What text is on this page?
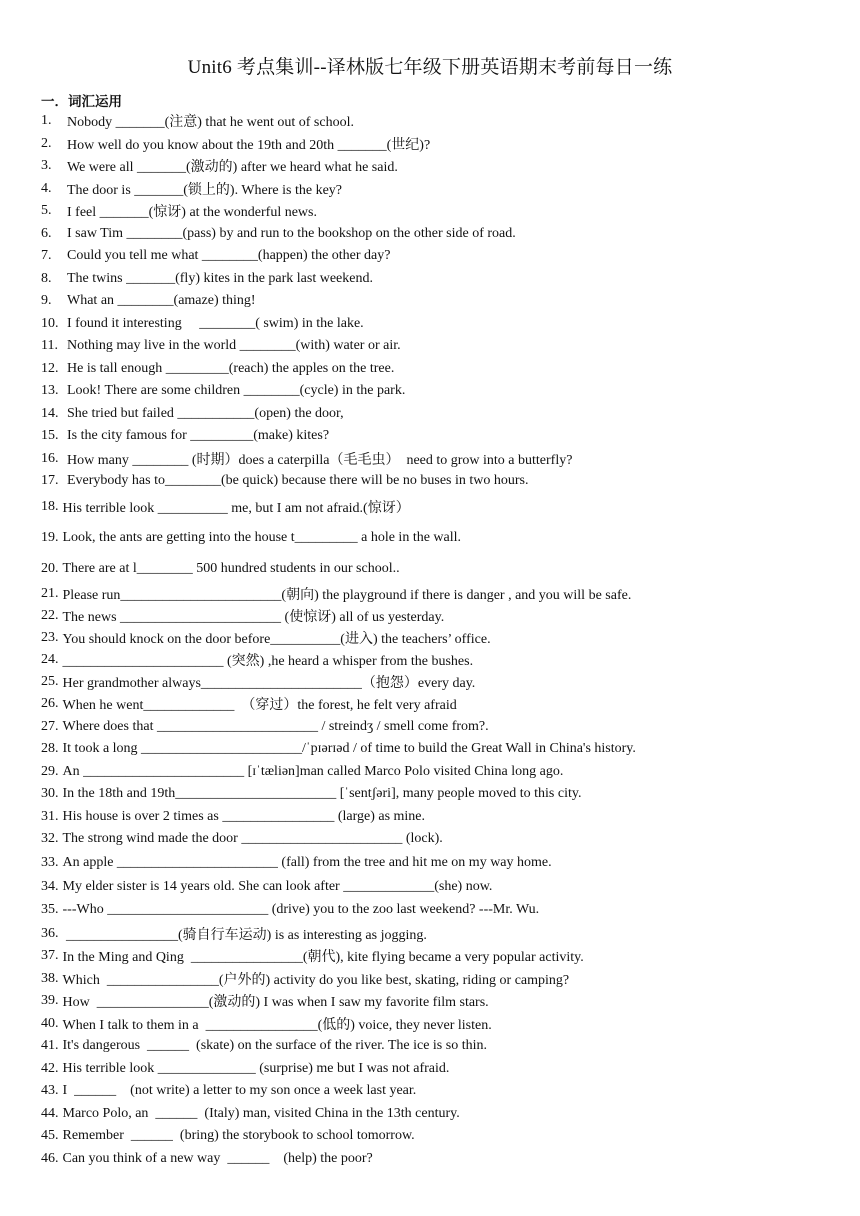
Unit6 考点集训--译林版七年级下册英语期末考前每日一练
一．词汇运用
1.	Nobody _______(注意) that he went out of school.
2.	How well do you know about the 19th and 20th _______(世纪)?
3.	We were all _______(激动的) after we heard what he said.
4.	The door is _______(锁上的). Where is the key?
5.	I feel _______(惊讶) at the wonderful news.
6.	I saw Tim ________(pass) by and run to the bookshop on the other side of road.
7.	Could you tell me what ________(happen) the other day?
8.	The twins _______(fly) kites in the park last weekend.
9.	What an ________(amaze) thing!
10. I found it interesting     ________( swim) in the lake.
11. Nothing may live in the world ________(with) water or air.
12. He is tall enough _________(reach) the apples on the tree.
13. Look! There are some children ________(cycle) in the park.
14. She tried but failed ___________(open) the door,
15. Is the city famous for _________(make) kites?
16. How many ________ (时期）does a caterpilla（毛毛虫）  need to grow into a butterfly?
17. Everybody has to________(be quick) because there will be no buses in two hours.
18. His terrible look __________ me, but I am not afraid.(惊讶）
19. Look, the ants are getting into the house t_________ a hole in the wall.
20. There are at l________ 500 hundred students in our school..
21. Please run_______________________(朝向) the playground if there is danger , and you will be safe.
22. The news _______________________ (使惊讶) all of us yesterday.
23. You should knock on the door before__________(进入) the teachers’ office.
24. _______________________ (突然) ,he heard a whisper from the bushes.
25. Her grandmother always_______________________（抱怨）every day.
26. When he went_____________  （穿过）the forest, he felt very afraid
27. Where does that _______________________ / streindʒ / smell come from?.
28. It took a long _______________________/ˈpɪərɪəd / of time to build the Great Wall in China's history.
29. An _______________________ [ɪˈtæliən]man called Marco Polo visited China long ago.
30. In the 18th and 19th_______________________ [ˈsentʃəri], many people moved to this city.
31. His house is over 2 times as ________________ (large) as mine.
32. The strong wind made the door _______________________ (lock).
33. An apple _______________________ (fall) from the tree and hit me on my way home.
34. My elder sister is 14 years old. She can look after _____________(she) now.
35. ---Who _______________________ (drive) you to the zoo last weekend? ---Mr. Wu.
36. ________________(骑自行车运动) is as interesting as jogging.
37. In the Ming and Qing  ________________(朝代), kite flying became a very popular activity.
38. Which  ________________(户外的) activity do you like best, skating, riding or camping?
39. How  ________________(激动的) I was when I saw my favorite film stars.
40. When I talk to them in a  ________________(低的) voice, they never listen.
41. It's dangerous  ______  (skate) on the surface of the river. The ice is so thin.
42. His terrible look ______________ (surprise) me but I was not afraid.
43. I  ______    (not write) a letter to my son once a week last year.
44. Marco Polo, an  ______  (Italy) man, visited China in the 13th century.
45. Remember  ______  (bring) the storybook to school tomorrow.
46. Can you think of a new way  ______    (help) the poor?
